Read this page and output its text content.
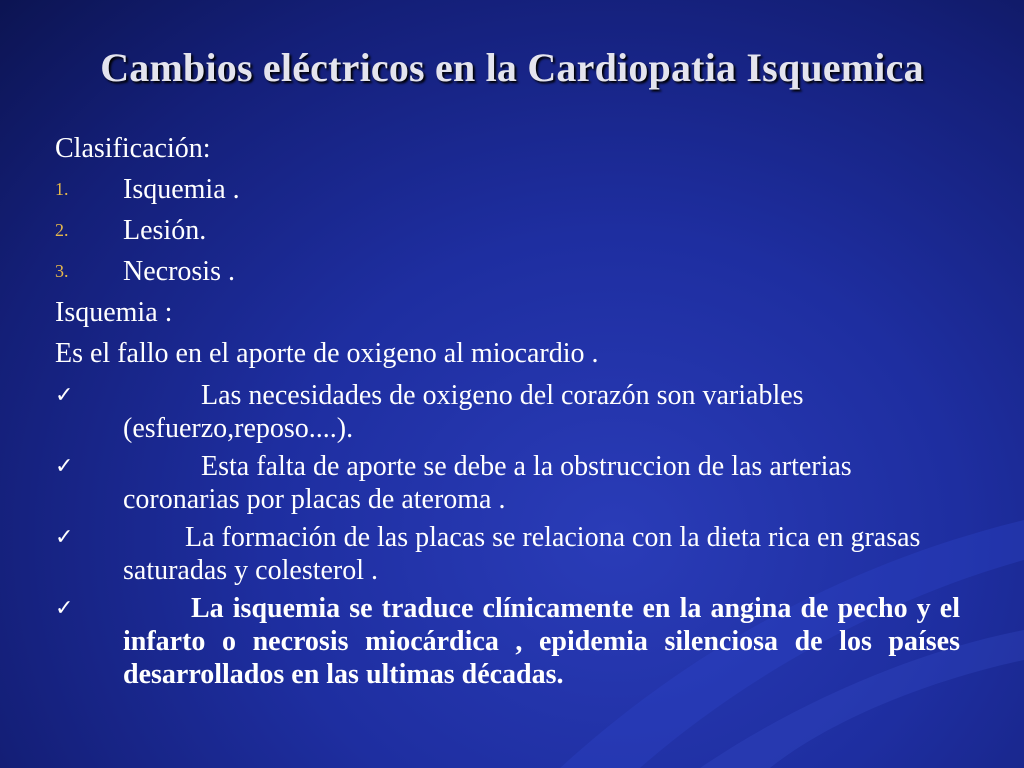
Cambios eléctricos en la Cardiopatia Isquemica
Clasificación:
1. Isquemia .
2. Lesión.
3. Necrosis .
Isquemia :
Es el fallo en el aporte de oxigeno al miocardio .
✓	Las necesidades de oxigeno del corazón son variables (esfuerzo,reposo....).
✓	Esta falta de aporte se debe a la obstruccion de las arterias coronarias por placas de ateroma .
✓	La formación de las placas se relaciona con la dieta rica en grasas saturadas y colesterol .
✓	La isquemia se traduce clínicamente en la angina de pecho y el infarto o necrosis miocárdica , epidemia silenciosa de los países desarrollados en las ultimas décadas.
